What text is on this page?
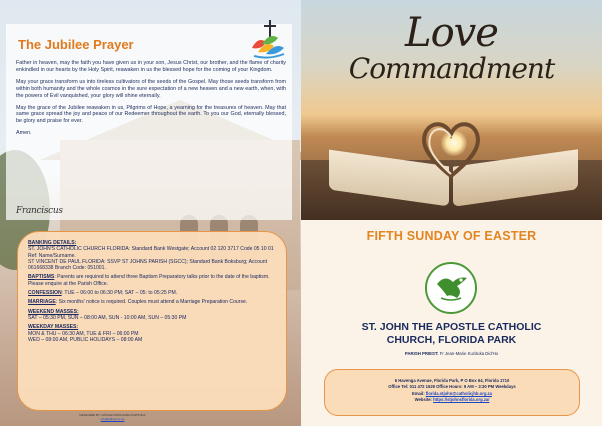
The Jubilee Prayer

Father in heaven, may the faith you have given us in your son, Jesus Christ, our brother, and the flame of charity enkindled in our hearts by the Holy Spirit, reawaken in us the blessed hope for the coming of your Kingdom.

May your grace transform us into tireless cultivators of the seeds of the Gospel. May those seeds transform from within both humanity and the whole cosmos in the sure expectation of a new heaven and a new earth, when, with the powers of Evil vanquished, your glory will shine eternally.

May the grace of the Jubilee reawaken in us, Pilgrims of Hope, a yearning for the treasures of heaven. May that same grace spread the joy and peace of our Redeemer throughout the earth. To you our God, eternally blessed, be glory and praise for ever.

Amen.

Franciscus
BANKING DETAILS:
ST. JOHN'S CATHOLIC CHURCH FLORIDA: Standard Bank Westgate; Account 02 120 3717 Code 05 10 01 Ref: Name/Surname.
ST VINCENT DE PAUL FLORIDA: SSVP ST JOHNS PARISH (SGCC); Standard Bank Boksburg; Account 061668338 Branch Code: 051001.
BAPTISMS: Parents are required to attend three Baptism Preparatory talks prior to the date of the baptism. Please enquire at the Parish Office.
CONFESSION: TUE – 06:00 to 06:30 PM; SAT – 05: to 05:25 PM.
MARRIAGE: Six months' notice is required. Couples must attend a Marriage Preparation Course.
WEEKEND MASSES:
SAT – 05:30 PM, SUN – 08:00 AM, SUN - 10:00 AM, SUN – 05:30 PM
WEEKDAY MASSES:
MON & THU – 06:30 AM, TUE & FRI – 06:00 PM
WED – 08:00 AM, PUBLIC HOLIDAYS – 08:00 AM
DESIGNED BY: NATHAN MUNYAIRA KUZITUKA
info@stiknp.co.za
Love
Commandment
FIFTH SUNDAY OF EASTER
ST. JOHN THE APOSTLE CATHOLIC
CHURCH, FLORIDA PARK
PARISH PRIEST: Fr Jean-Marie Kuzituka Did'Ho
6 Havenga Avenue, Florida Park, P O Box 64, Florida 1710
Office Tel: 011 472 1629 Office Hours: 9 AM – 3:30 PM Weekdays
Email: florida.stjohn@catholicjhb.org.za
Website: https://stjohnsflorida.org.za/
